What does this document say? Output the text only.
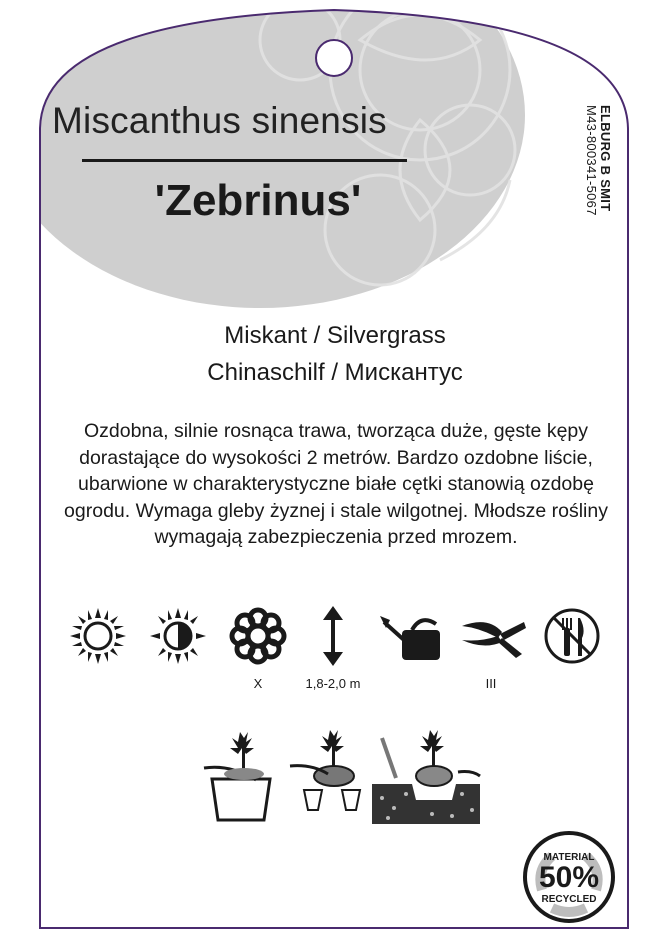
Miscanthus sinensis
'Zebrinus'	ELBURG B SMIT
M43-800341-5067
Miskant / Silvergrass
Chinaschilf / Мискантус
Ozdobna, silnie rosnąca trawa, tworząca duże, gęste kępy dorastające do wysokości 2 metrów. Bardzo ozdobne liście, ubarwione w charakterystyczne białe cętki stanowią ozdobę ogrodu. Wymaga gleby żyznej i stale wilgotnej. Młodsze rośliny wymagają zabezpieczenia przed mrozem.
X	1,8-2,0 m	III
MATERIAL
50%
RECYCLED
